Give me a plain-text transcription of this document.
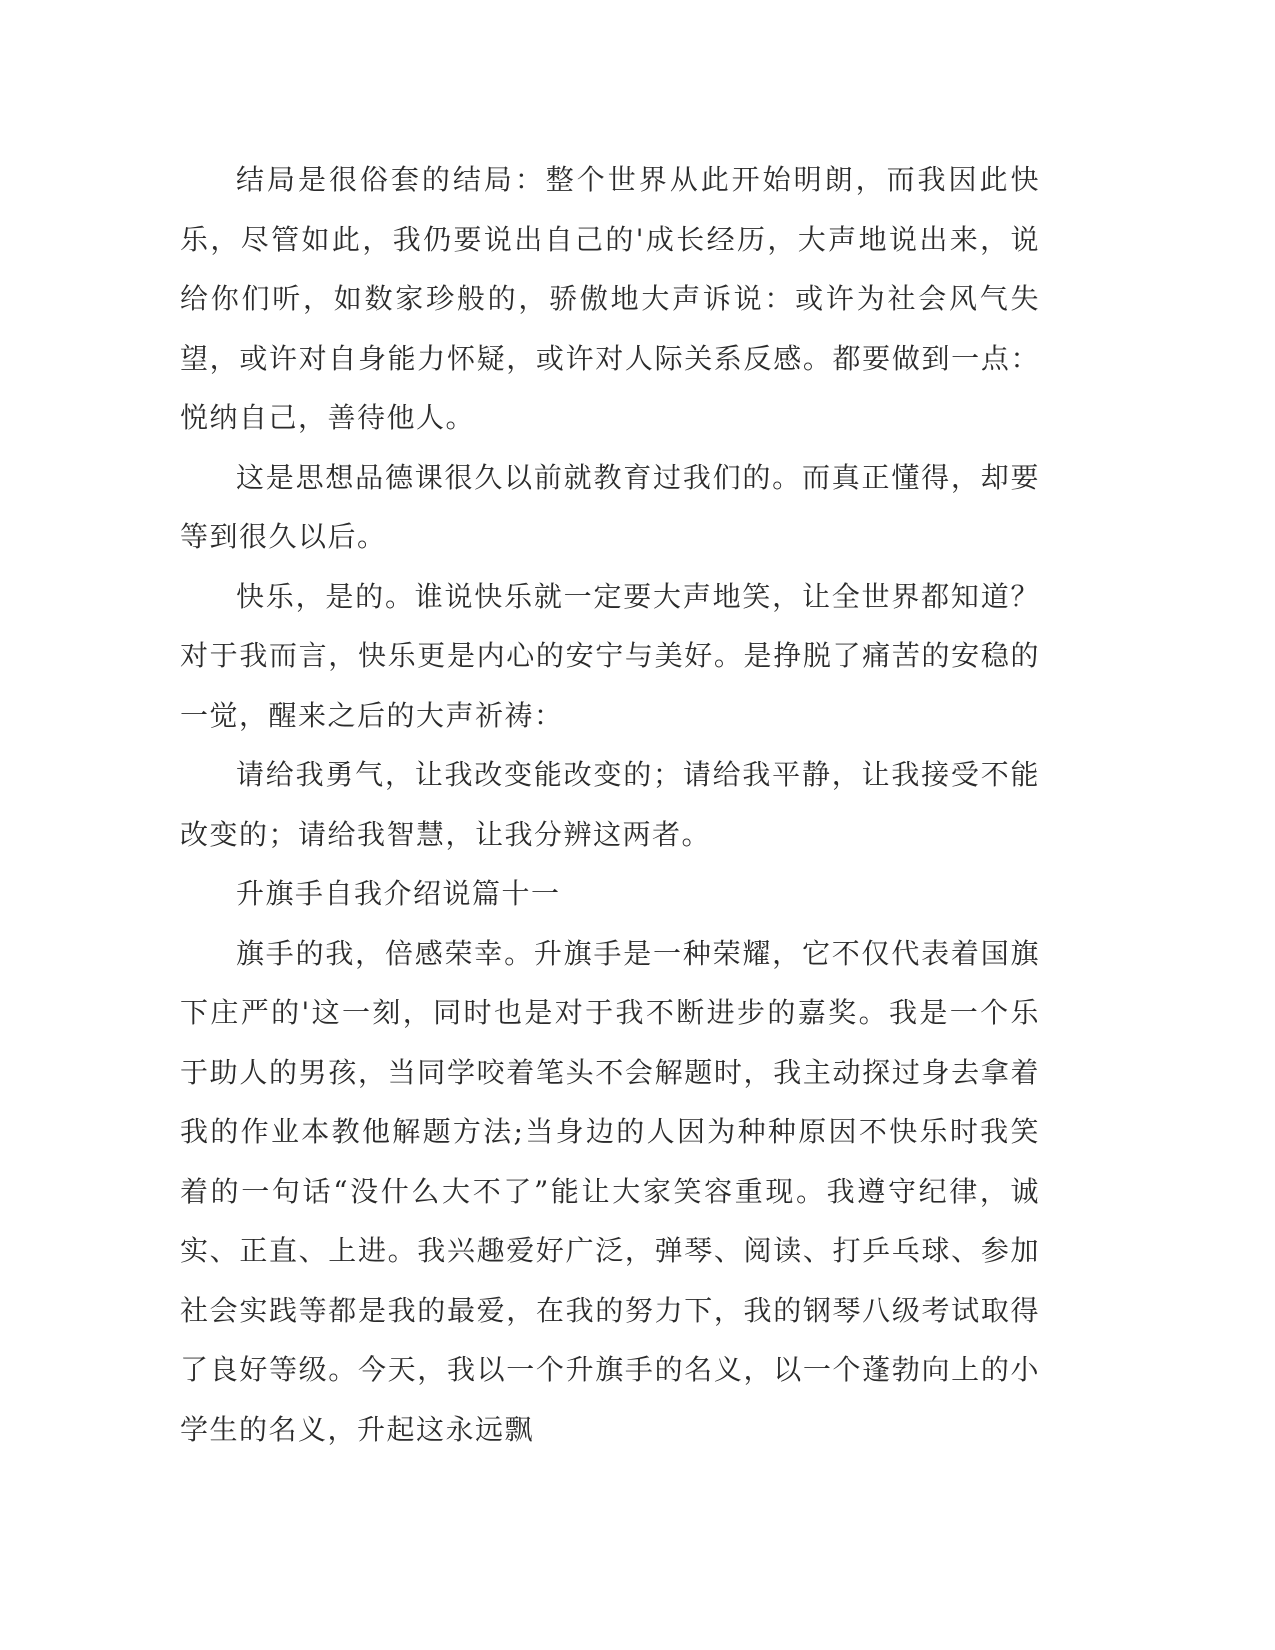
结局是很俗套的结局：整个世界从此开始明朗，而我因此快乐，尽管如此，我仍要说出自己的'成长经历，大声地说出来，说给你们听，如数家珍般的，骄傲地大声诉说：或许为社会风气失望，或许对自身能力怀疑，或许对人际关系反感。都要做到一点：悦纳自己，善待他人。

这是思想品德课很久以前就教育过我们的。而真正懂得，却要等到很久以后。

快乐，是的。谁说快乐就一定要大声地笑，让全世界都知道？对于我而言，快乐更是内心的安宁与美好。是挣脱了痛苦的安稳的一觉，醒来之后的大声祈祷：

请给我勇气，让我改变能改变的；请给我平静，让我接受不能改变的；请给我智慧，让我分辨这两者。

升旗手自我介绍说篇十一

旗手的我，倍感荣幸。升旗手是一种荣耀，它不仅代表着国旗下庄严的'这一刻，同时也是对于我不断进步的嘉奖。我是一个乐于助人的男孩，当同学咬着笔头不会解题时，我主动探过身去拿着我的作业本教他解题方法;当身边的人因为种种原因不快乐时我笑着的一句话“没什么大不了”能让大家笑容重现。我遵守纪律，诚实、正直、上进。我兴趣爱好广泛，弹琴、阅读、打乒乓球、参加社会实践等都是我的最爱，在我的努力下，我的钢琴八级考试取得了良好等级。今天，我以一个升旗手的名义，以一个蓬勃向上的小学生的名义，升起这永远飘
